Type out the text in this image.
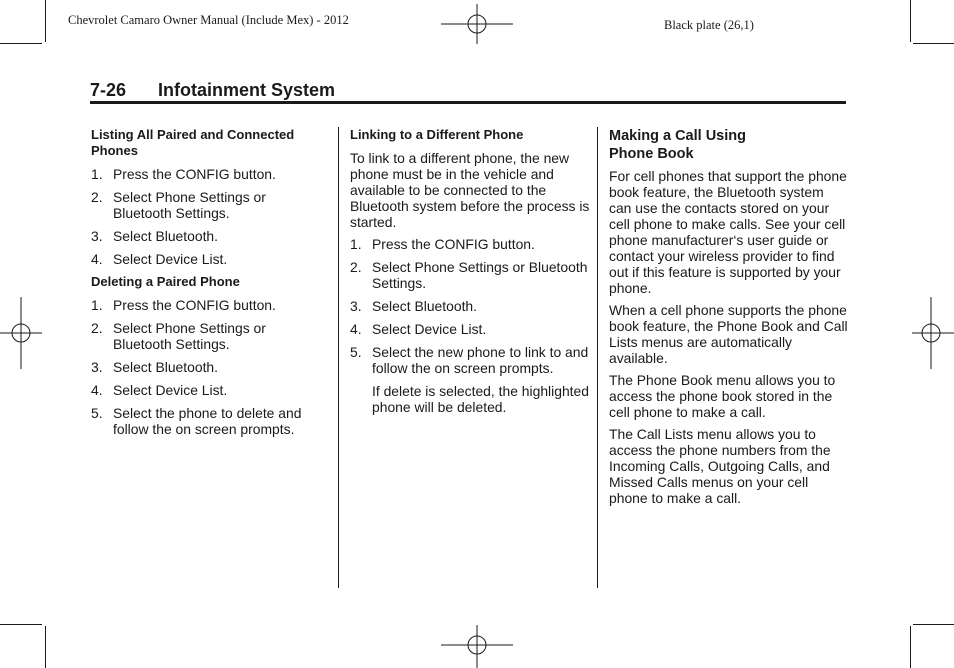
Chevrolet Camaro Owner Manual (Include Mex) - 2012	Black plate (26,1)
7-26 Infotainment System
Listing All Paired and Connected Phones
1. Press the CONFIG button.
2. Select Phone Settings or Bluetooth Settings.
3. Select Bluetooth.
4. Select Device List.
Deleting a Paired Phone
1. Press the CONFIG button.
2. Select Phone Settings or Bluetooth Settings.
3. Select Bluetooth.
4. Select Device List.
5. Select the phone to delete and follow the on screen prompts.
Linking to a Different Phone

To link to a different phone, the new phone must be in the vehicle and available to be connected to the Bluetooth system before the process is started.

1. Press the CONFIG button.
2. Select Phone Settings or Bluetooth Settings.
3. Select Bluetooth.
4. Select Device List.
5. Select the new phone to link to and follow the on screen prompts.

If delete is selected, the highlighted phone will be deleted.

Making a Call Using
Phone Book

For cell phones that support the phone book feature, the Bluetooth system can use the contacts stored on your cell phone to make calls. See your cell phone manufacturer‘s user guide or contact your wireless provider to find out if this feature is supported by your phone.

When a cell phone supports the phone book feature, the Phone Book and Call Lists menus are automatically available.

The Phone Book menu allows you to access the phone book stored in the cell phone to make a call.

The Call Lists menu allows you to access the phone numbers from the Incoming Calls, Outgoing Calls, and Missed Calls menus on your cell phone to make a call.
